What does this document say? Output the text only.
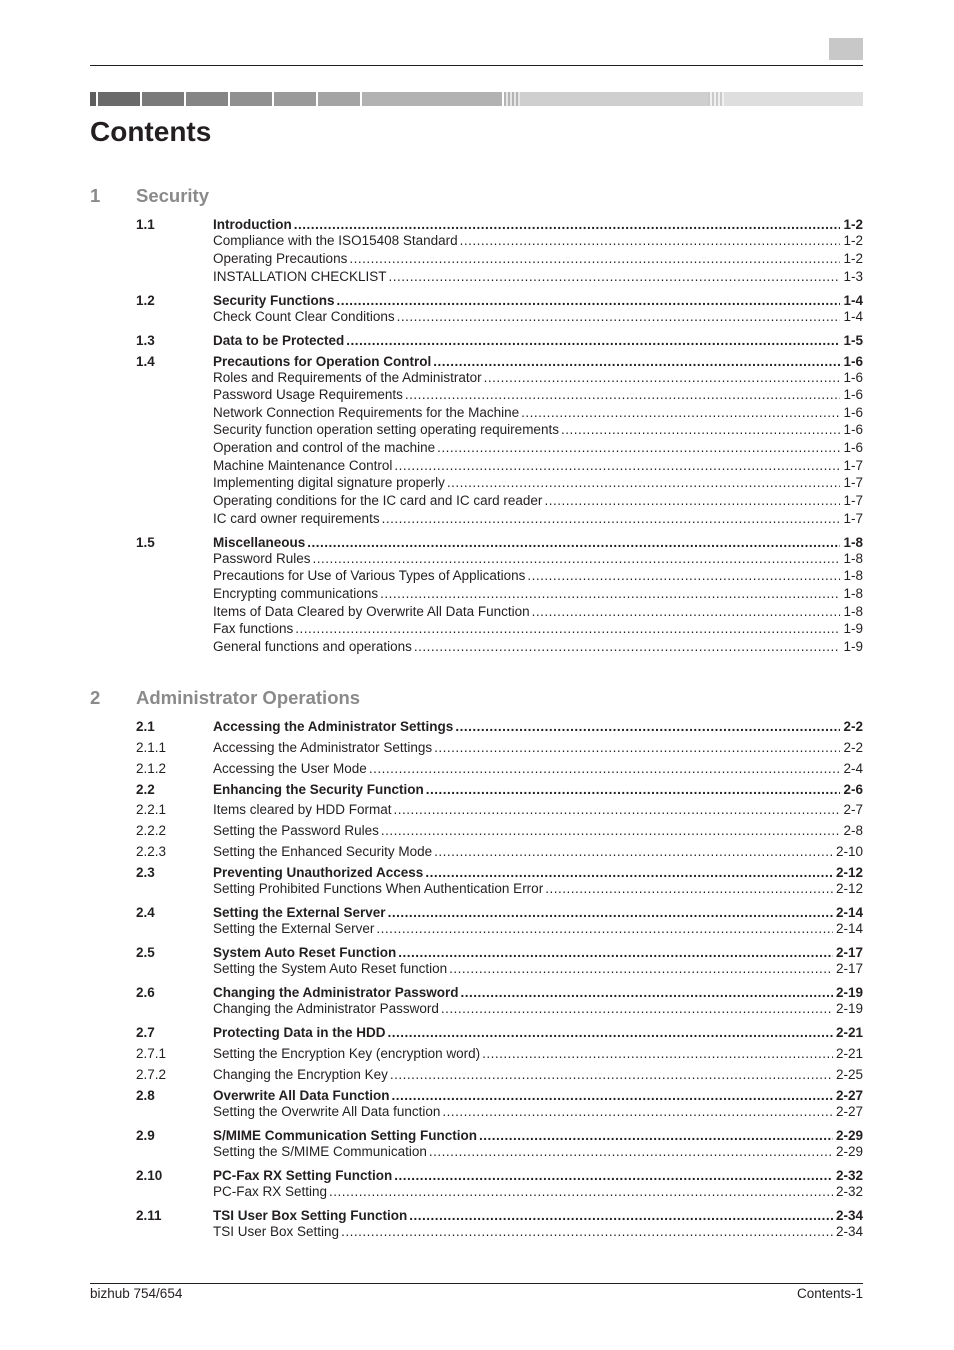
Contents
1 Security
1.1	Introduction .....	1-2
Compliance with the ISO15408 Standard .....	1-2
Operating Precautions .....	1-2
INSTALLATION CHECKLIST .....	1-3
1.2	Security Functions .....	1-4
Check Count Clear Conditions .....	1-4
1.3	Data to be Protected .....	1-5
1.4	Precautions for Operation Control .....	1-6
Roles and Requirements of the Administrator .....	1-6
Password Usage Requirements .....	1-6
Network Connection Requirements for the Machine .....	1-6
Security function operation setting operating requirements .....	1-6
Operation and control of the machine .....	1-6
Machine Maintenance Control .....	1-7
Implementing digital signature properly .....	1-7
Operating conditions for the IC card and IC card reader .....	1-7
IC card owner requirements .....	1-7
1.5	Miscellaneous .....	1-8
Password Rules .....	1-8
Precautions for Use of Various Types of Applications .....	1-8
Encrypting communications .....	1-8
Items of Data Cleared by Overwrite All Data Function .....	1-8
Fax functions .....	1-9
General functions and operations .....	1-9
2 Administrator Operations
2.1	Accessing the Administrator Settings .....	2-2
2.1.1	Accessing the Administrator Settings .....	2-2
2.1.2	Accessing the User Mode .....	2-4
2.2	Enhancing the Security Function .....	2-6
2.2.1	Items cleared by HDD Format .....	2-7
2.2.2	Setting the Password Rules .....	2-8
2.2.3	Setting the Enhanced Security Mode .....	2-10
2.3	Preventing Unauthorized Access .....	2-12
Setting Prohibited Functions When Authentication Error .....	2-12
2.4	Setting the External Server .....	2-14
Setting the External Server .....	2-14
2.5	System Auto Reset Function .....	2-17
Setting the System Auto Reset function .....	2-17
2.6	Changing the Administrator Password .....	2-19
Changing the Administrator Password .....	2-19
2.7	Protecting Data in the HDD .....	2-21
2.7.1	Setting the Encryption Key (encryption word) .....	2-21
2.7.2	Changing the Encryption Key .....	2-25
2.8	Overwrite All Data Function .....	2-27
Setting the Overwrite All Data function .....	2-27
2.9	S/MIME Communication Setting Function .....	2-29
Setting the S/MIME Communication .....	2-29
2.10	PC-Fax RX Setting Function .....	2-32
PC-Fax RX Setting .....	2-32
2.11	TSI User Box Setting Function .....	2-34
TSI User Box Setting .....	2-34
bizhub 754/654	Contents-1
